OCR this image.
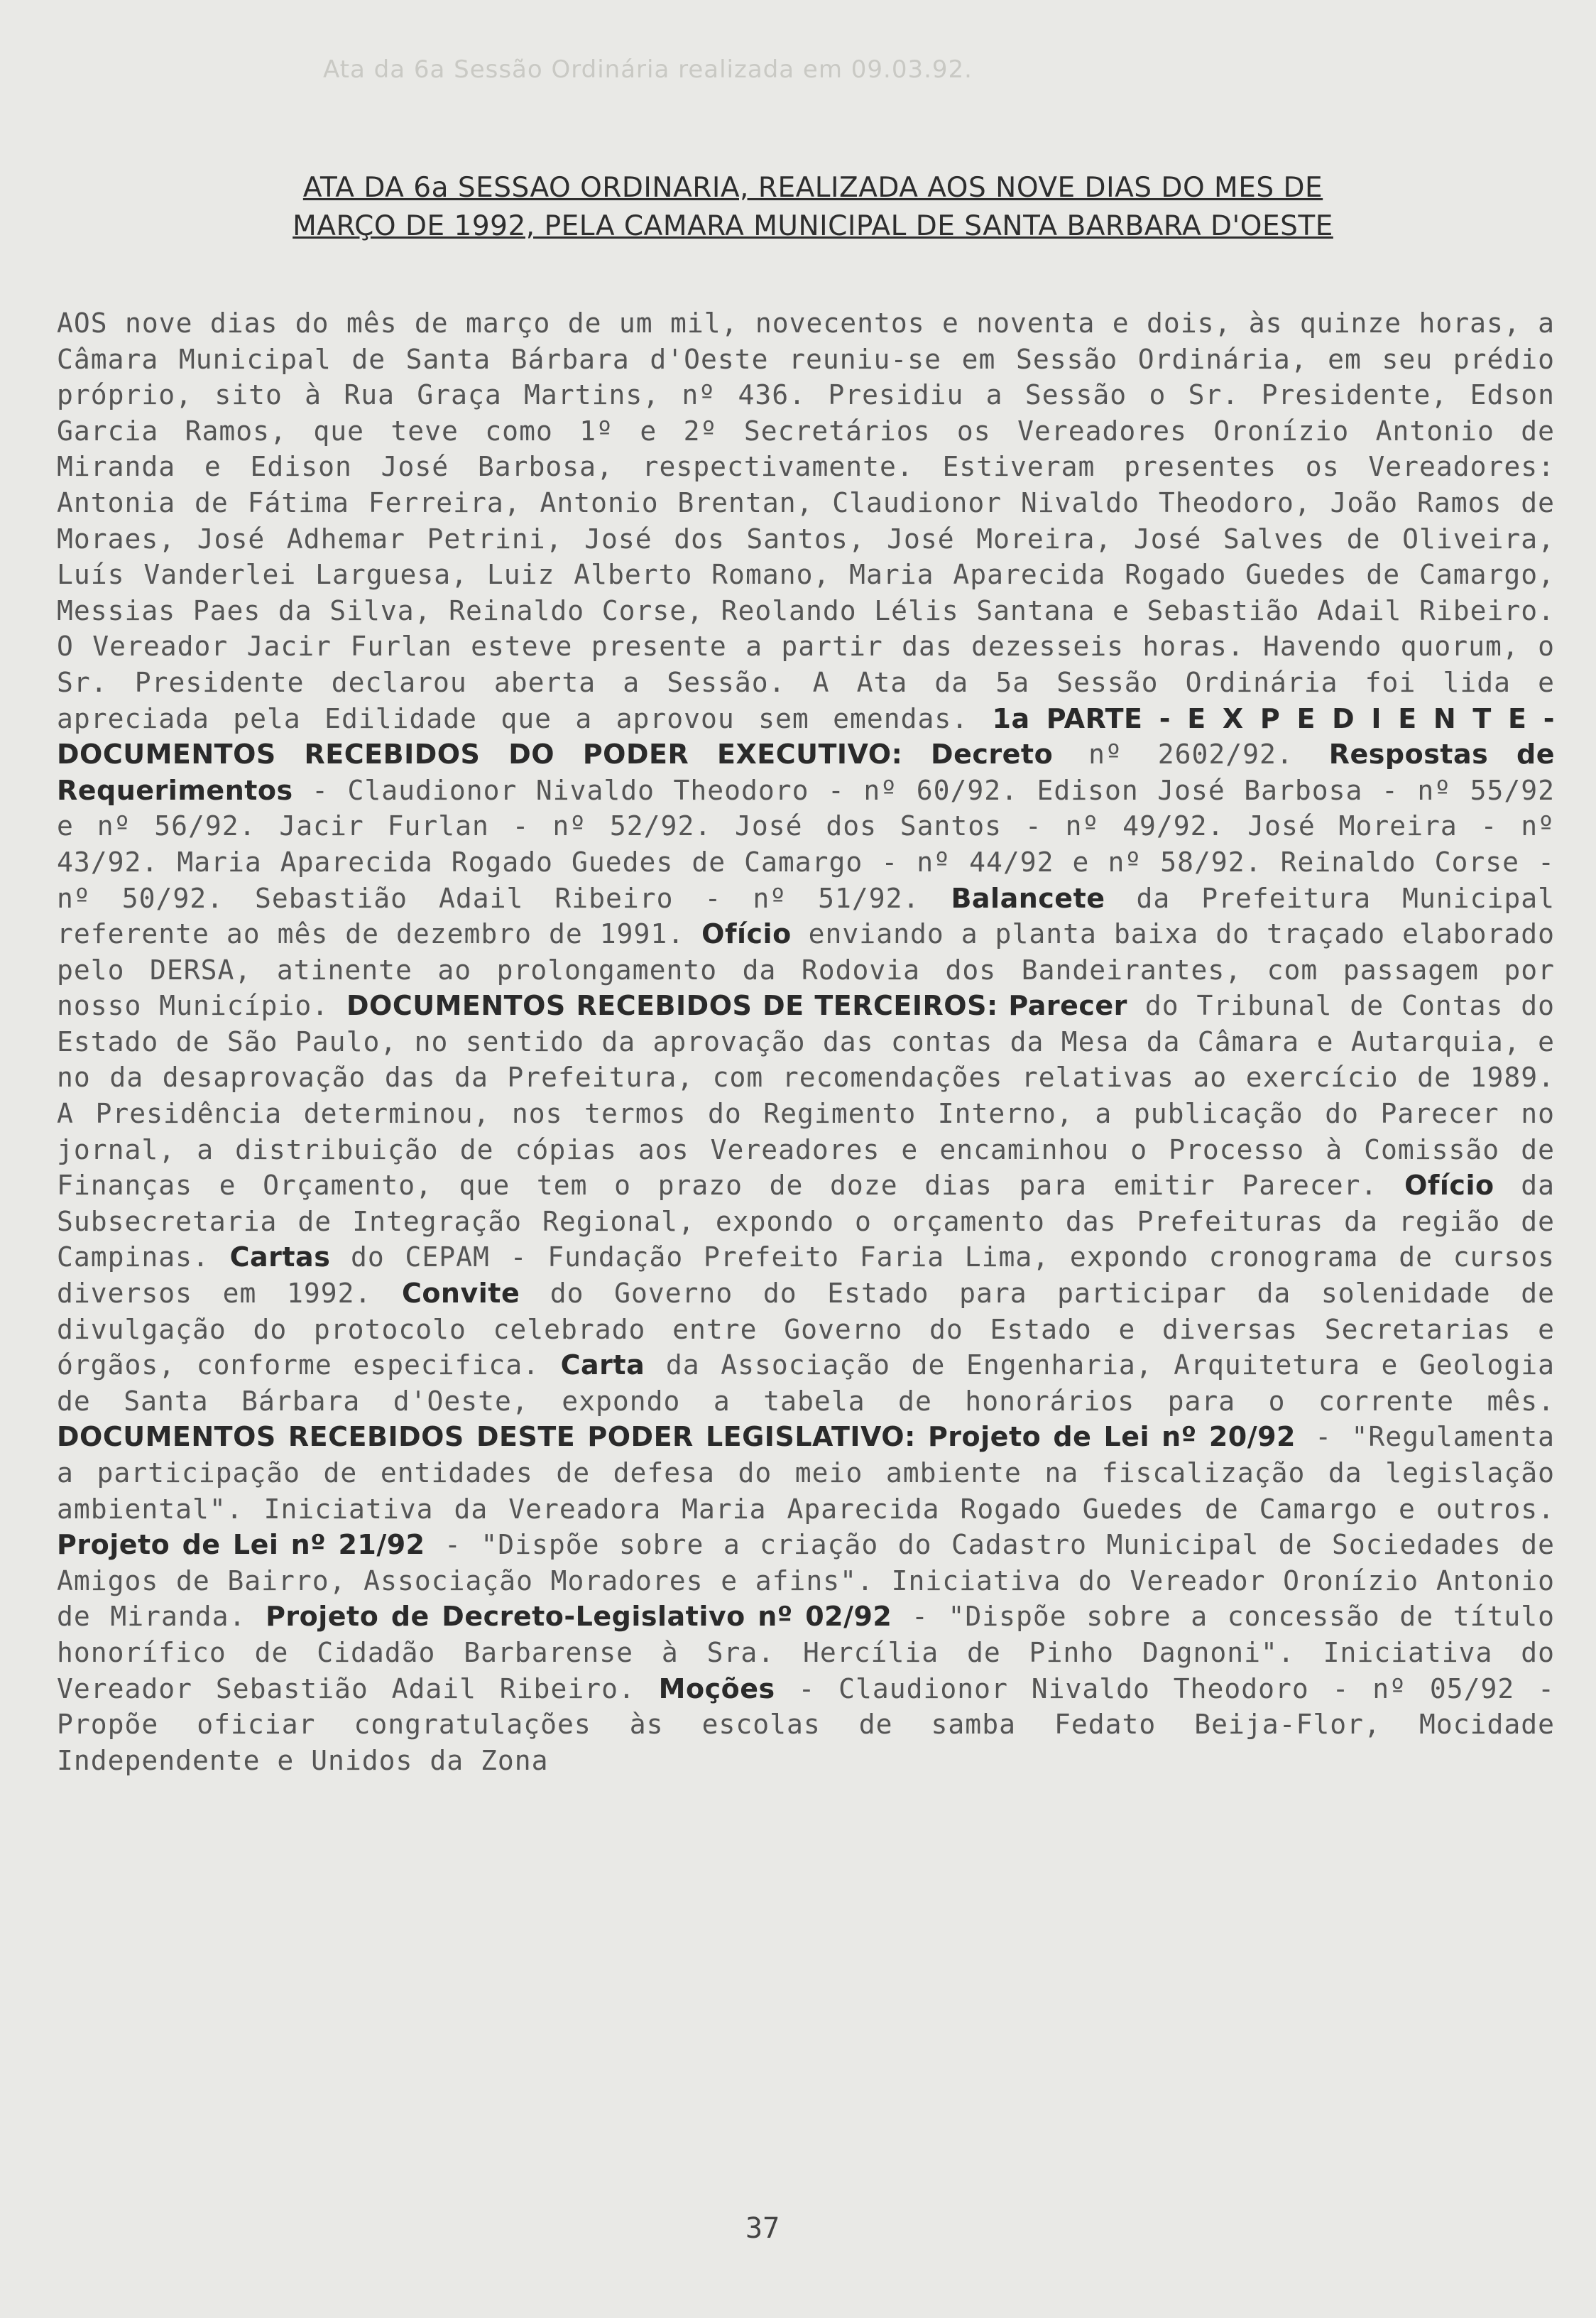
Ata da 6a Sessão Ordinária realizada em 09.03.92.
ATA DA 6a SESSAO ORDINARIA, REALIZADA AOS NOVE DIAS DO MES DE
MARÇO DE 1992, PELA CAMARA MUNICIPAL DE SANTA BARBARA D'OESTE
AOS nove dias do mês de março de um mil, novecentos e noventa e dois, às quinze horas, a Câmara Municipal de Santa Bárbara d'Oeste reuniu-se em Sessão Ordinária, em seu prédio próprio, sito à Rua Graça Martins, nº 436. Presidiu a Sessão o Sr. Presidente, Edson Garcia Ramos, que teve como 1º e 2º Secretários os Vereadores Oronízio Antonio de Miranda e Edison José Barbosa, respectivamente. Estiveram presentes os Vereadores: Antonia de Fátima Ferreira, Antonio Brentan, Claudionor Nivaldo Theodoro, João Ramos de Moraes, José Adhemar Petrini, José dos Santos, José Moreira, José Salves de Oliveira, Luís Vanderlei Larguesa, Luiz Alberto Romano, Maria Aparecida Rogado Guedes de Camargo, Messias Paes da Silva, Reinaldo Corse, Reolando Lélis Santana e Sebastião Adail Ribeiro. O Vereador Jacir Furlan esteve presente a partir das dezesseis horas. Havendo quorum, o Sr. Presidente declarou aberta a Sessão. A Ata da 5a Sessão Ordinária foi lida e apreciada pela Edilidade que a aprovou sem emendas. 1a PARTE - E X P E D I E N T E - DOCUMENTOS RECEBIDOS DO PODER EXECUTIVO: Decreto nº 2602/92. Respostas de Requerimentos - Claudionor Nivaldo Theodoro - nº 60/92. Edison José Barbosa - nº 55/92 e nº 56/92. Jacir Furlan - nº 52/92. José dos Santos - nº 49/92. José Moreira - nº 43/92. Maria Aparecida Rogado Guedes de Camargo - nº 44/92 e nº 58/92. Reinaldo Corse - nº 50/92. Sebastião Adail Ribeiro - nº 51/92. Balancete da Prefeitura Municipal referente ao mês de dezembro de 1991. Ofício enviando a planta baixa do traçado elaborado pelo DERSA, atinente ao prolongamento da Rodovia dos Bandeirantes, com passagem por nosso Município. DOCUMENTOS RECEBIDOS DE TERCEIROS: Parecer do Tribunal de Contas do Estado de São Paulo, no sentido da aprovação das contas da Mesa da Câmara e Autarquia, e no da desaprovação das da Prefeitura, com recomendações relativas ao exercício de 1989. A Presidência determinou, nos termos do Regimento Interno, a publicação do Parecer no jornal, a distribuição de cópias aos Vereadores e encaminhou o Processo à Comissão de Finanças e Orçamento, que tem o prazo de doze dias para emitir Parecer. Ofício da Subsecretaria de Integração Regional, expondo o orçamento das Prefeituras da região de Campinas. Cartas do CEPAM - Fundação Prefeito Faria Lima, expondo cronograma de cursos diversos em 1992. Convite do Governo do Estado para participar da solenidade de divulgação do protocolo celebrado entre Governo do Estado e diversas Secretarias e órgãos, conforme especifica. Carta da Associação de Engenharia, Arquitetura e Geologia de Santa Bárbara d'Oeste, expondo a tabela de honorários para o corrente mês. DOCUMENTOS RECEBIDOS DESTE PODER LEGISLATIVO: Projeto de Lei nº 20/92 - "Regulamenta a participação de entidades de defesa do meio ambiente na fiscalização da legislação ambiental". Iniciativa da Vereadora Maria Aparecida Rogado Guedes de Camargo e outros. Projeto de Lei nº 21/92 - "Dispõe sobre a criação do Cadastro Municipal de Sociedades de Amigos de Bairro, Associação Moradores e afins". Iniciativa do Vereador Oronízio Antonio de Miranda. Projeto de Decreto-Legislativo nº 02/92 - "Dispõe sobre a concessão de título honorífico de Cidadão Barbarense à Sra. Hercília de Pinho Dagnoni". Iniciativa do Vereador Sebastião Adail Ribeiro. Moções - Claudionor Nivaldo Theodoro - nº 05/92 - Propõe oficiar congratulações às escolas de samba Fedato Beija-Flor, Mocidade Independente e Unidos da Zona
37
